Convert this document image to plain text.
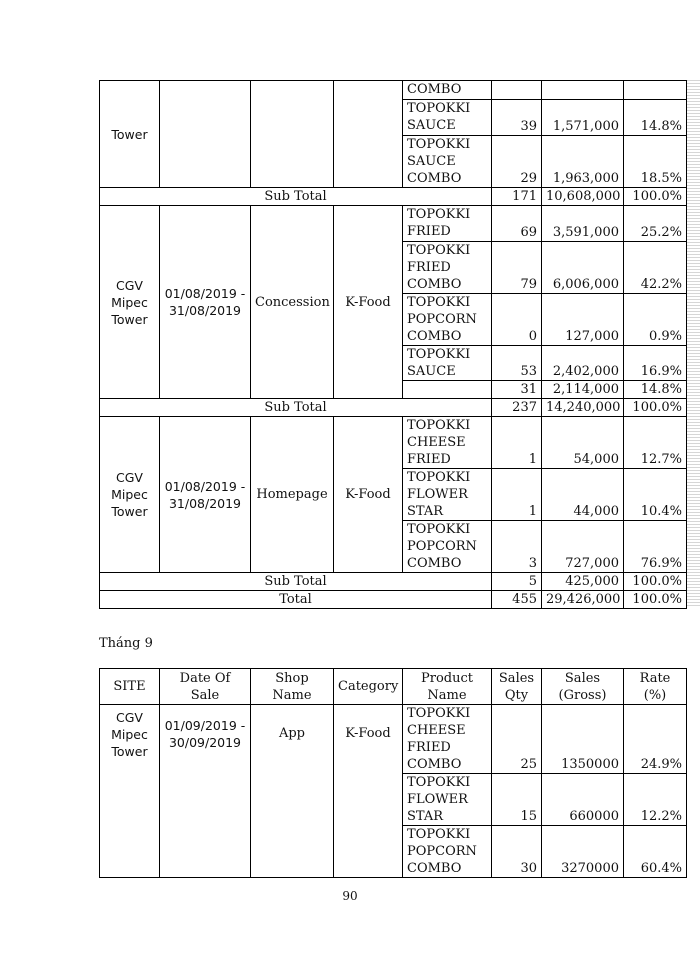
Tower				COMBO			
				TOPOKKI
SAUCE	39	1,571,000	14.8%
				TOPOKKI
SAUCE
COMBO	29	1,963,000	18.5%
Sub Total					171	10,608,000	100.0%
CGV Mipec Tower	01/08/2019 - 31/08/2019	Concession	K-Food	TOPOKKI
FRIED	69	3,591,000	25.2%
				TOPOKKI
FRIED
COMBO	79	6,006,000	42.2%
				TOPOKKI
POPCORN
COMBO	0	127,000	0.9%
				TOPOKKI
SAUCE	53	2,402,000	16.9%
					31	2,114,000	14.8%
Sub Total					237	14,240,000	100.0%
CGV Mipec Tower	01/08/2019 - 31/08/2019	Homepage	K-Food	TOPOKKI
CHEESE
FRIED	1	54,000	12.7%
				TOPOKKI
FLOWER
STAR	1	44,000	10.4%
				TOPOKKI
POPCORN
COMBO	3	727,000	76.9%
Sub Total					5	425,000	100.0%
Total					455	29,426,000	100.0%
Tháng 9
SITE	Date Of Sale	Shop Name	Category	Product Name	Sales Qty	Sales (Gross)	Rate (%)
CGV Mipec Tower	01/09/2019 - 30/09/2019	App	K-Food	TOPOKKI
CHEESE
FRIED
COMBO	25	1350000	24.9%
				TOPOKKI
FLOWER
STAR	15	660000	12.2%
				TOPOKKI
POPCORN
COMBO	30	3270000	60.4%
90
